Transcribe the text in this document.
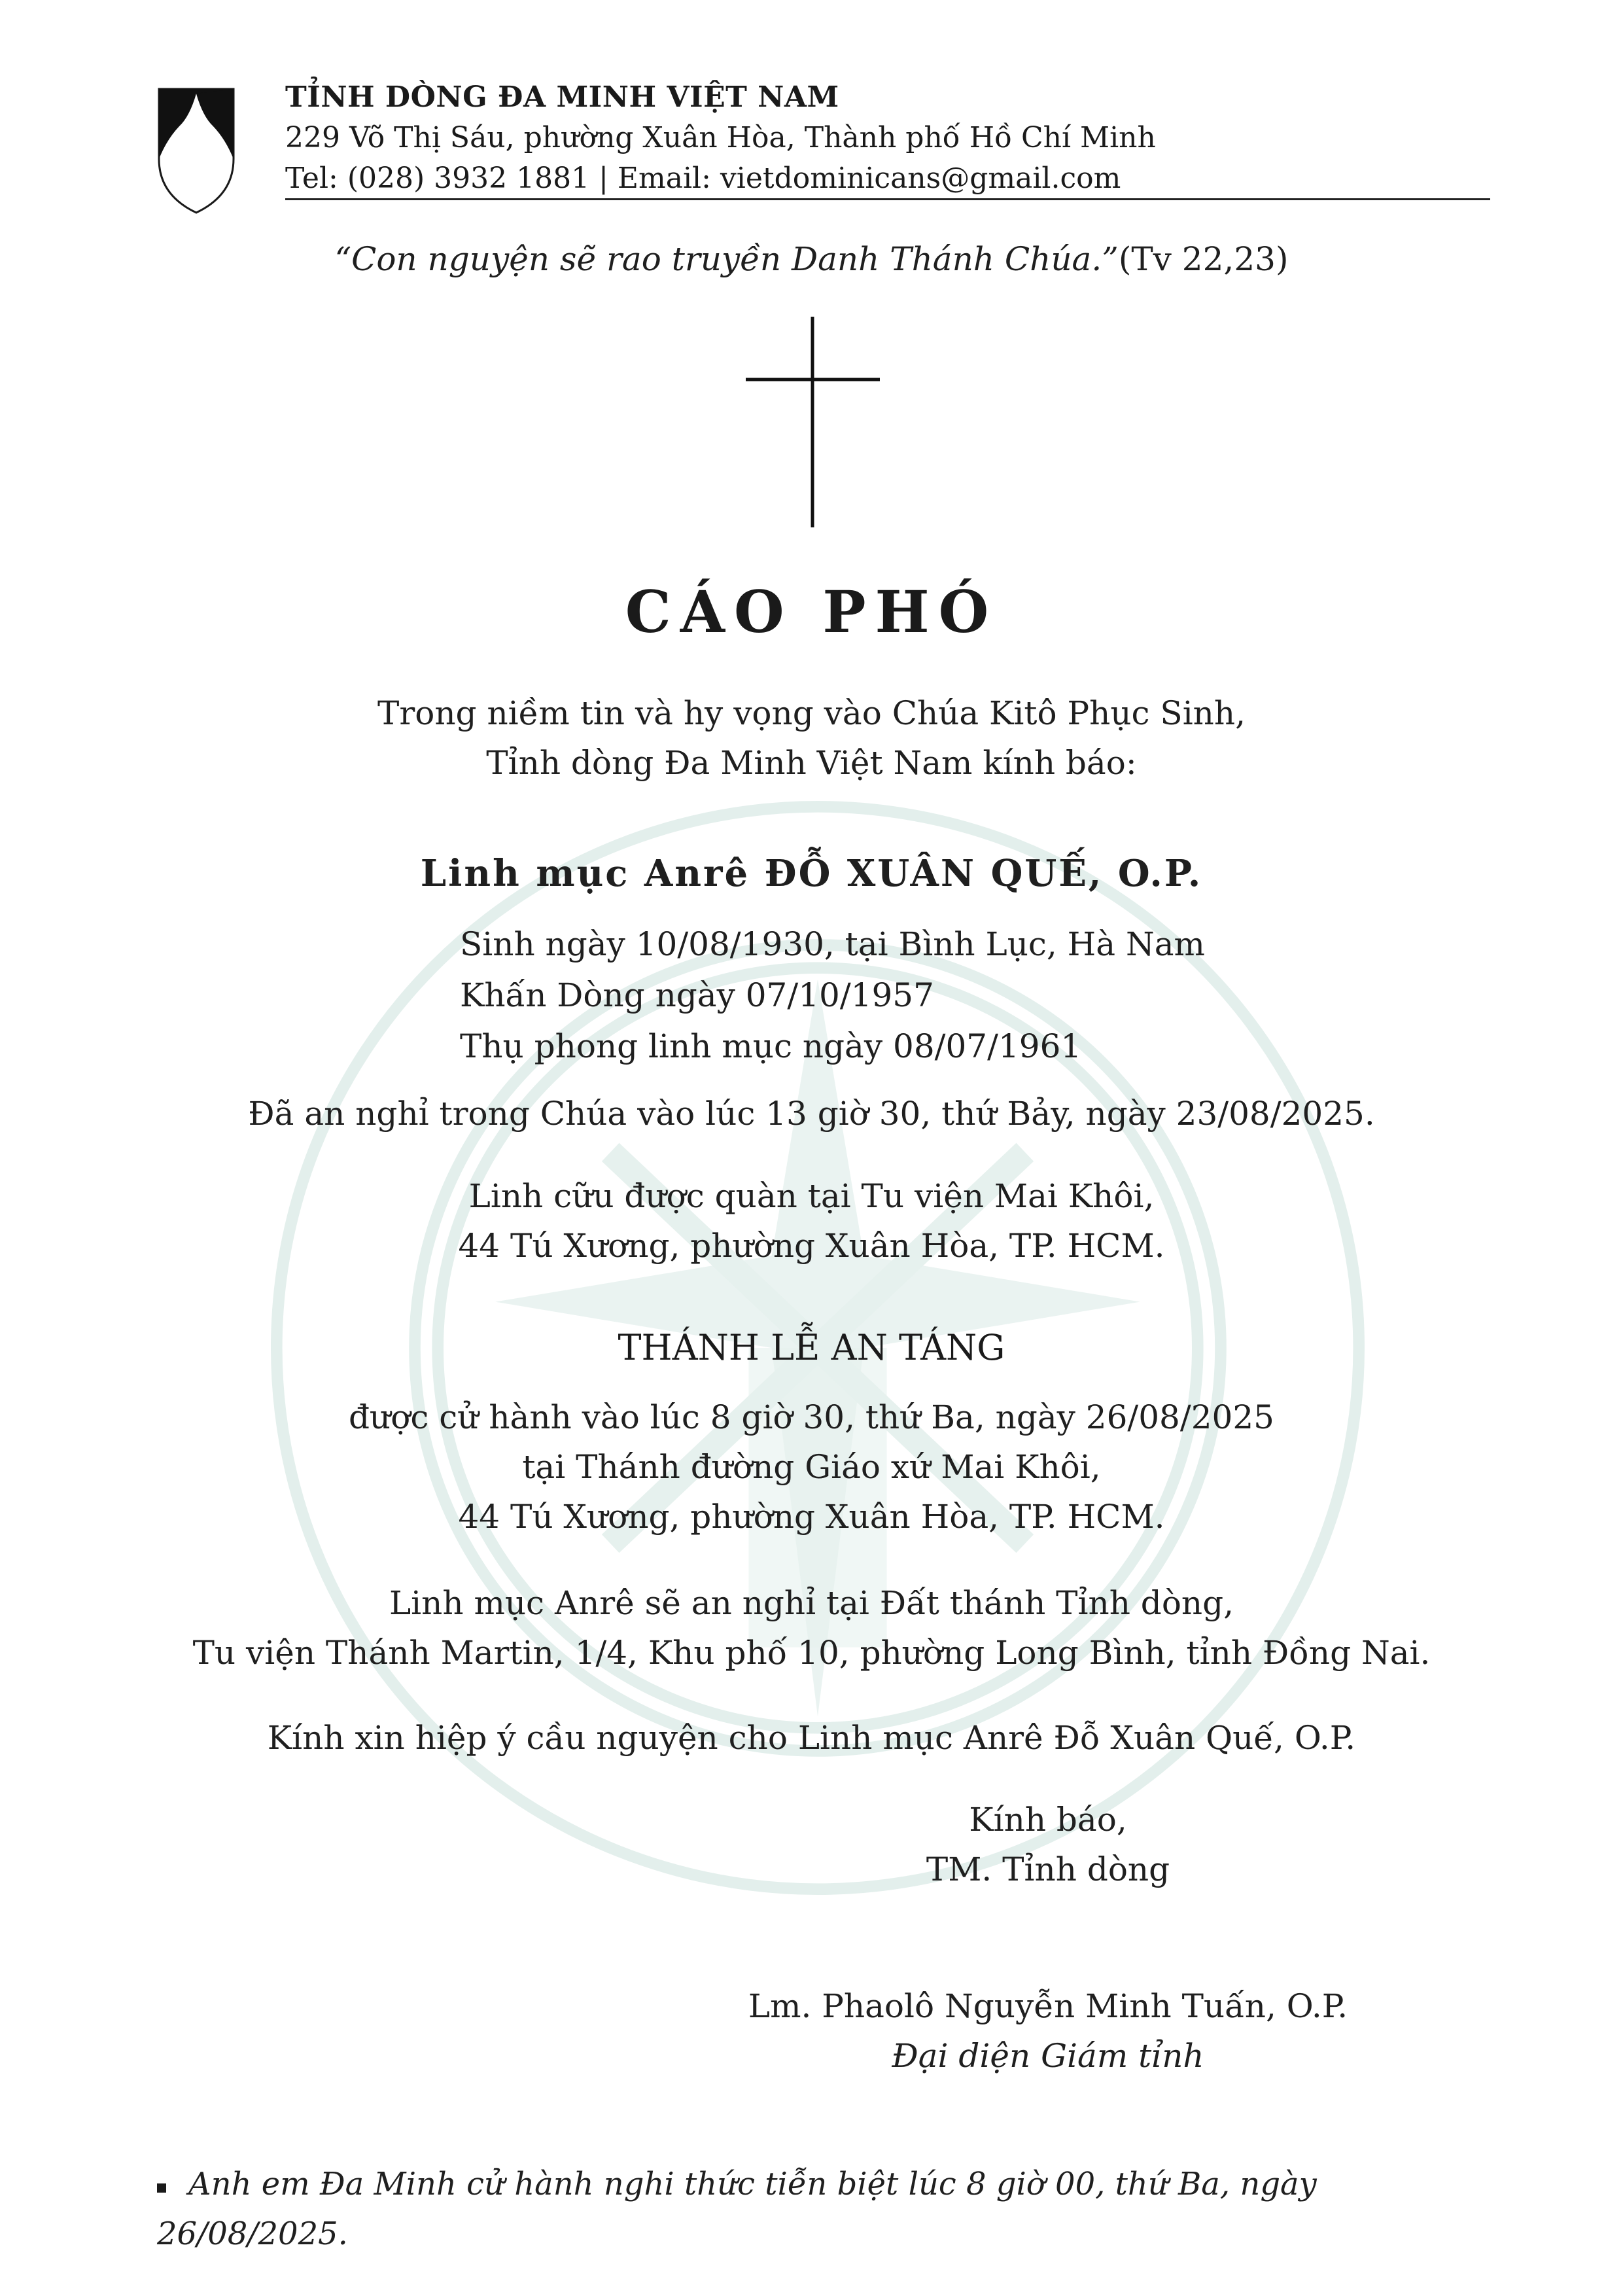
TỈNH DÒNG ĐA MINH VIỆT NAM
229 Võ Thị Sáu, phường Xuân Hòa, Thành phố Hồ Chí Minh
Tel: (028) 3932 1881 | Email: vietdominicans@gmail.com
“Con nguyện sẽ rao truyền Danh Thánh Chúa.”(Tv 22,23)
CÁO PHÓ
Trong niềm tin và hy vọng vào Chúa Kitô Phục Sinh,
Tỉnh dòng Đa Minh Việt Nam kính báo:
Linh mục Anrê ĐỖ XUÂN QUẾ, O.P.
Sinh ngày 10/08/1930, tại Bình Lục, Hà Nam
Khấn Dòng ngày 07/10/1957
Thụ phong linh mục ngày 08/07/1961
Đã an nghỉ trong Chúa vào lúc 13 giờ 30, thứ Bảy, ngày 23/08/2025.
Linh cữu được quàn tại Tu viện Mai Khôi,
44 Tú Xương, phường Xuân Hòa, TP. HCM.
THÁNH LỄ AN TÁNG
được cử hành vào lúc 8 giờ 30, thứ Ba, ngày 26/08/2025
tại Thánh đường Giáo xứ Mai Khôi,
44 Tú Xương, phường Xuân Hòa, TP. HCM.
Linh mục Anrê sẽ an nghỉ tại Đất thánh Tỉnh dòng,
Tu viện Thánh Martin, 1/4, Khu phố 10, phường Long Bình, tỉnh Đồng Nai.
Kính xin hiệp ý cầu nguyện cho Linh mục Anrê Đỗ Xuân Quế, O.P.
Kính báo,
TM. Tỉnh dòng
Lm. Phaolô Nguyễn Minh Tuấn, O.P.
Đại diện Giám tỉnh
Anh em Đa Minh cử hành nghi thức tiễn biệt lúc 8 giờ 00, thứ Ba, ngày 26/08/2025.
